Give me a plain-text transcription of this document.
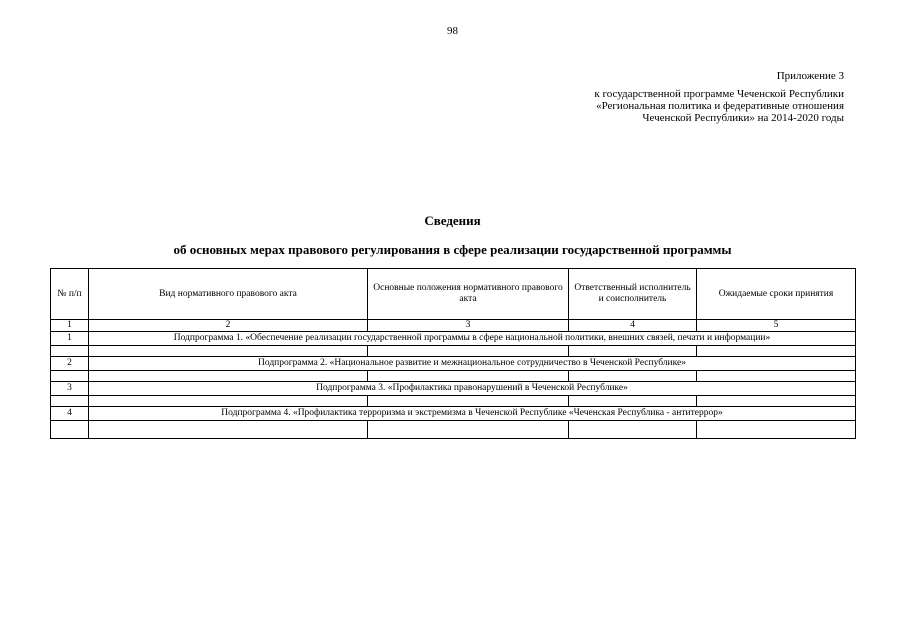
98
Приложение 3
к государственной программе Чеченской Республики
«Региональная политика и федеративные отношения
Чеченской Республики» на 2014-2020 годы
Сведения
об основных мерах правового регулирования в сфере реализации государственной программы
№ п/п	Вид нормативного правового акта	Основные положения нормативного правового акта	Ответственный исполнитель и соисполнитель	Ожидаемые сроки принятия
1	2	3	4	5
1	Подпрограмма 1. «Обеспечение реализации государственной программы в сфере национальной политики, внешних связей, печати и информации»			

2	Подпрограмма 2. «Национальное развитие и межнациональное сотрудничество в Чеченской Республике»			

3	Подпрограмма 3. «Профилактика правонарушений в Чеченской Республике»			

4	Подпрограмма 4. «Профилактика терроризма и экстремизма в Чеченской Республике «Чеченская Республика - антитеррор»			
